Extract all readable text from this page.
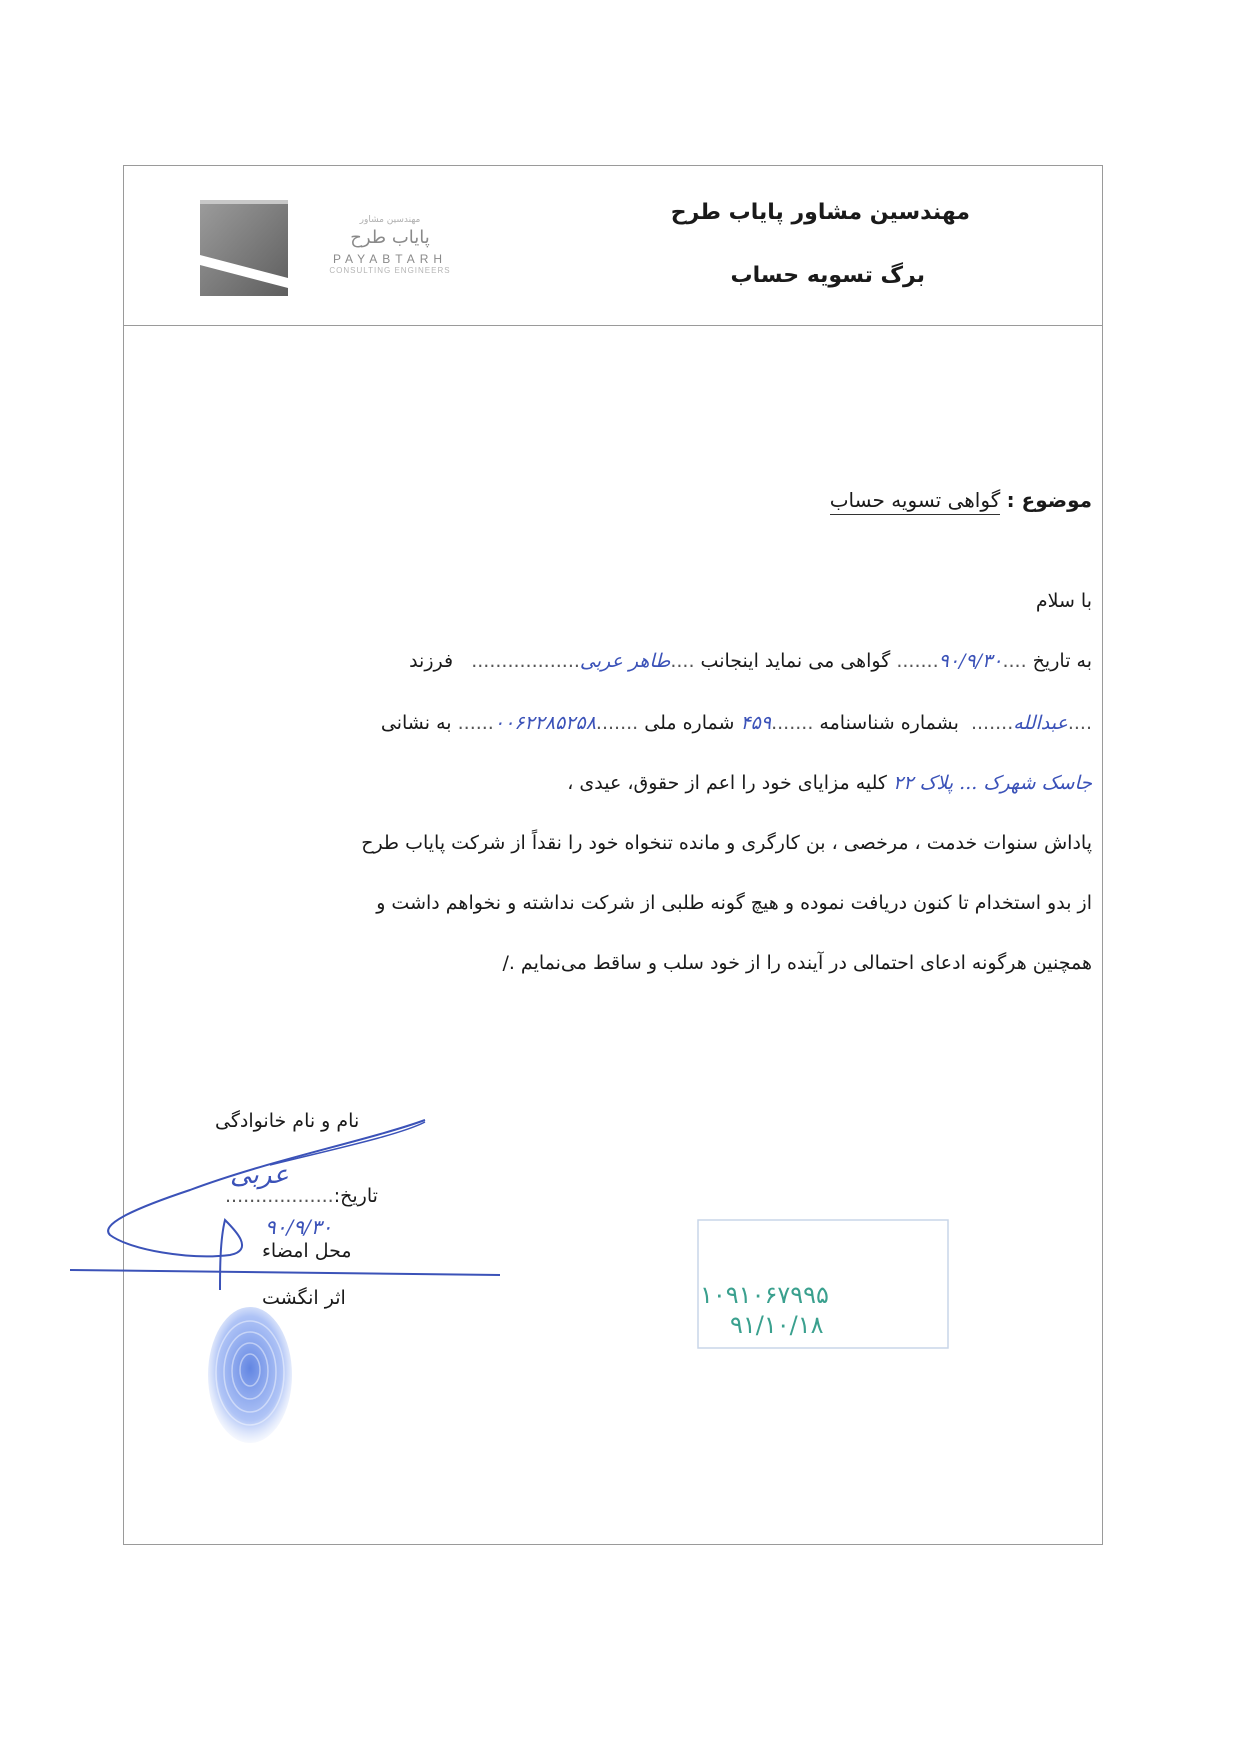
مهندسین مشاور
پایاب طرح
PAYABTARH
CONSULTING ENGINEERS
مهندسین مشاور پایاب طرح
برگ تسویه حساب
موضوع : گواهی تسویه حساب
با سلام
به تاریخ ....۹۰/۹/۳۰....... گواهی می نماید اینجانب ....طاهر عربی..................   فرزند
....عبدالله.......  بشماره شناسنامه .......۴۵۹ شماره ملی .......۰۰۶۲۲۸۵۲۵۸...... به نشانی
جاسک شهرک ... پلاک ۲۲ کلیه مزایای خود را اعم از حقوق، عیدی ،
پاداش سنوات خدمت ، مرخصی ، بن کارگری و مانده تنخواه خود را نقداً از شرکت پایاب طرح
از بدو استخدام تا کنون دریافت نموده و هیچ گونه طلبی از شرکت نداشته و نخواهم داشت و
همچنین هرگونه ادعای احتمالی در آینده را از خود سلب و ساقط می‌نمایم ./
نام و نام خانوادگی
عربی
تاریخ:..................
۹۰/۹/۳۰
محل امضاء
اثر انگشت	۱۰۹۱۰۶۷۹۹۵
۹۱/۱۰/۱۸
